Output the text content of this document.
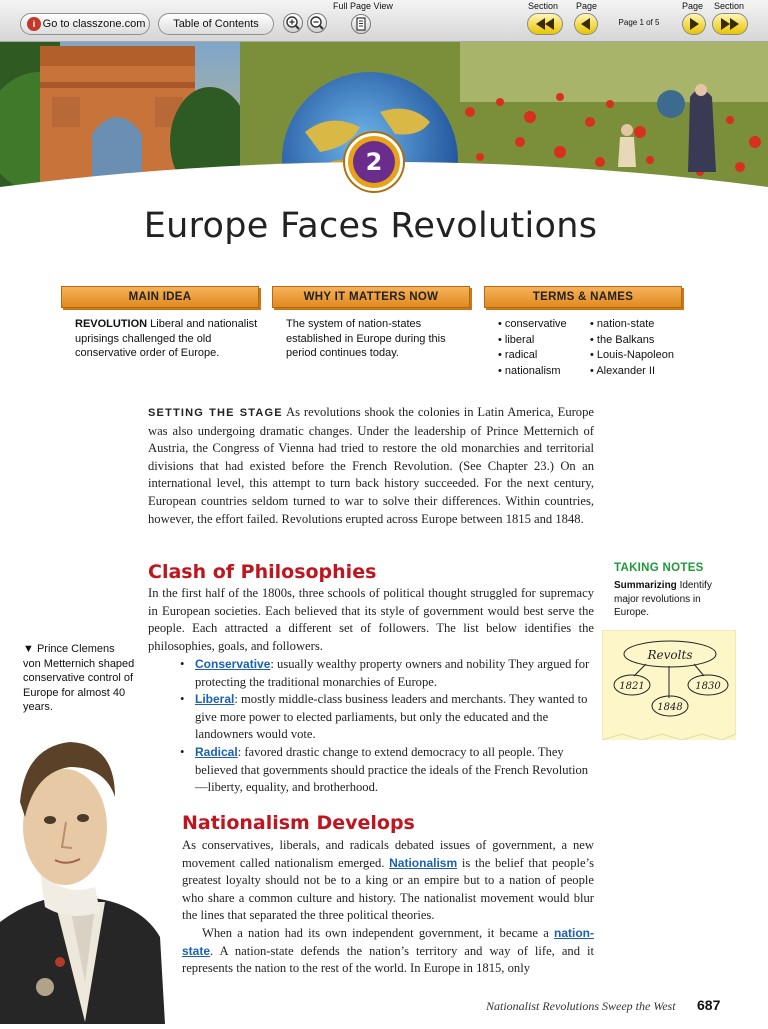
i Go to classzone.com	Table of Contents
Full Page View	Section Page
Page 1 of 5
Page Section
2
Europe Faces Revolutions
MAIN IDEA	WHY IT MATTERS NOW	TERMS & NAMES
REVOLUTION Liberal and nationalist uprisings challenged the old conservative order of Europe.
The system of nation-states established in Europe during this period continues today.
• conservative
• liberal
• radical
• nationalism
• nation-state
• the Balkans
• Louis-Napoleon
• Alexander II
SETTING THE STAGE As revolutions shook the colonies in Latin America, Europe was also undergoing dramatic changes. Under the leadership of Prince Metternich of Austria, the Congress of Vienna had tried to restore the old monarchies and territorial divisions that had existed before the French Revolution. (See Chapter 23.) On an international level, this attempt to turn back history succeeded. For the next century, European countries seldom turned to war to solve their differences. Within countries, however, the effort failed. Revolutions erupted across Europe between 1815 and 1848.
Clash of Philosophies
In the first half of the 1800s, three schools of political thought struggled for supremacy in European societies. Each believed that its style of government would best serve the people. Each attracted a different set of followers. The list below identifies the philosophies, goals, and followers.
• Conservative: usually wealthy property owners and nobility They argued for protecting the traditional monarchies of Europe.
• Liberal: mostly middle-class business leaders and merchants. They wanted to give more power to elected parliaments, but only the educated and the landowners would vote.
• Radical: favored drastic change to extend democracy to all people. They believed that governments should practice the ideals of the French Revolution—liberty, equality, and brotherhood.
Nationalism Develops
As conservatives, liberals, and radicals debated issues of government, a new movement called nationalism emerged. Nationalism is the belief that people’s greatest loyalty should not be to a king or an empire but to a nation of people who share a common culture and history. The nationalist movement would blur the lines that separated the three political theories.
When a nation had its own independent government, it became a nation-state. A nation-state defends the nation’s territory and way of life, and it represents the nation to the rest of the world. In Europe in 1815, only
▼ Prince Clemens von Metternich shaped conservative control of Europe for almost 40 years.
TAKING NOTES
Summarizing Identify major revolutions in Europe.
Revolts
1821
1848
1830
Nationalist Revolutions Sweep the West 687
